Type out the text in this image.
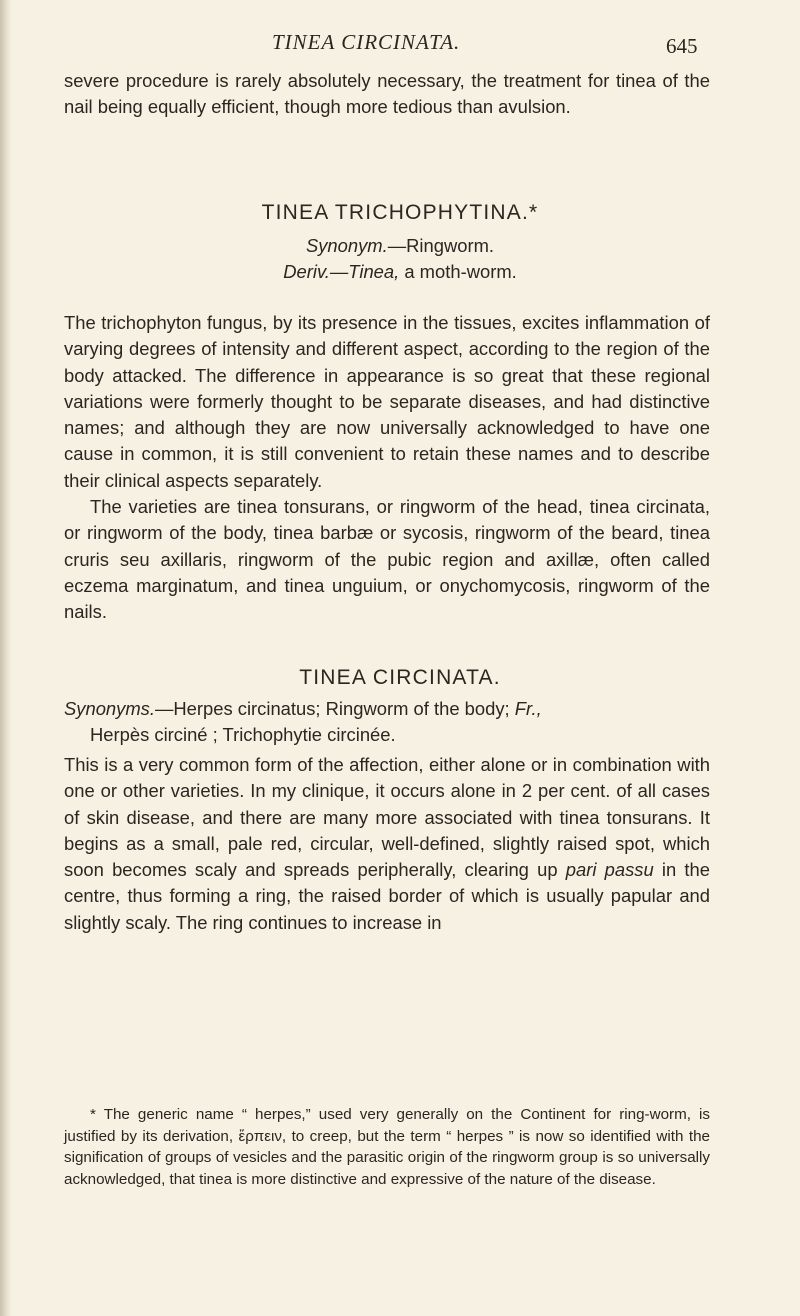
TINEA CIRCINATA.	645

severe procedure is rarely absolutely necessary, the treatment for tinea of the nail being equally efficient, though more tedious than avulsion.

TINEA TRICHOPHYTINA.*
Synonym.—Ringworm.
Deriv.—Tinea, a moth-worm.

The trichophyton fungus, by its presence in the tissues, excites inflammation of varying degrees of intensity and different aspect, according to the region of the body attacked. The difference in appearance is so great that these regional variations were formerly thought to be separate diseases, and had distinctive names; and although they are now universally acknowledged to have one cause in common, it is still convenient to retain these names and to describe their clinical aspects separately.

The varieties are tinea tonsurans, or ringworm of the head, tinea circinata, or ringworm of the body, tinea barbæ or sycosis, ringworm of the beard, tinea cruris seu axillaris, ringworm of the pubic region and axillæ, often called eczema marginatum, and tinea unguium, or onychomycosis, ringworm of the nails.

TINEA CIRCINATA.
Synonyms.—Herpes circinatus; Ringworm of the body; Fr.,
Herpès circiné ; Trichophytie circinée.

This is a very common form of the affection, either alone or in combination with one or other varieties. In my clinique, it occurs alone in 2 per cent. of all cases of skin disease, and there are many more associated with tinea tonsurans. It begins as a small, pale red, circular, well-defined, slightly raised spot, which soon becomes scaly and spreads peripherally, clearing up pari passu in the centre, thus forming a ring, the raised border of which is usually papular and slightly scaly. The ring continues to increase in

* The generic name “ herpes,” used very generally on the Continent for ring-worm, is justified by its derivation, ἕρπειν, to creep, but the term “ herpes ” is now so identified with the signification of groups of vesicles and the parasitic origin of the ringworm group is so universally acknowledged, that tinea is more distinctive and expressive of the nature of the disease.
